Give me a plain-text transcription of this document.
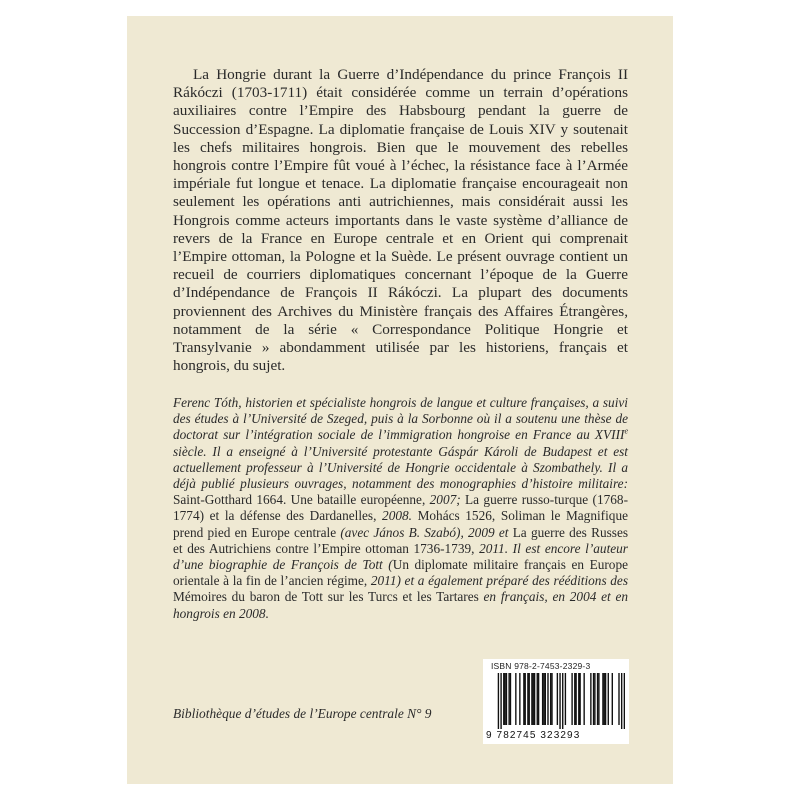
La Hongrie durant la Guerre d’Indépendance du prince François II Rákóczi (1703-1711) était considérée comme un terrain d’opérations auxiliaires contre l’Empire des Habsbourg pendant la guerre de Succession d’Espagne. La diplomatie française de Louis XIV y soutenait les chefs militaires hongrois. Bien que le mouvement des rebelles hongrois contre l’Empire fût voué à l’échec, la résistance face à l’Armée impériale fut longue et tenace. La diplomatie française encourageait non seulement les opérations anti autrichiennes, mais considérait aussi les Hongrois comme acteurs importants dans le vaste système d’alliance de revers de la France en Europe centrale et en Orient qui comprenait l’Empire ottoman, la Pologne et la Suède. Le présent ouvrage contient un recueil de courriers diplomatiques concernant l’époque de la Guerre d’Indépendance de François II Rákóczi. La plupart des documents proviennent des Archives du Ministère français des Affaires Étrangères, notamment de la série « Correspondance Politique Hongrie et Transylvanie » abondamment utilisée par les historiens, français et hongrois, du sujet.

Ferenc Tóth, historien et spécialiste hongrois de langue et culture françaises, a suivi des études à l’Université de Szeged, puis à la Sorbonne où il a soutenu une thèse de doctorat sur l’intégration sociale de l’immigration hongroise en France au XVIIIe siècle. Il a enseigné à l’Université protestante Gáspár Károli de Budapest et est actuellement professeur à l’Université de Hongrie occidentale à Szombathely. Il a déjà publié plusieurs ouvrages, notamment des monographies d’histoire militaire: Saint-Gotthard 1664. Une bataille européenne, 2007; La guerre russo-turque (1768-1774) et la défense des Dardanelles, 2008. Mohács 1526, Soliman le Magnifique prend pied en Europe centrale (avec János B. Szabó), 2009 et La guerre des Russes et des Autrichiens contre l’Empire ottoman 1736-1739, 2011. Il est encore l’auteur d’une biographie de François de Tott (Un diplomate militaire français en Europe orientale à la fin de l’ancien régime, 2011) et a également préparé des rééditions des Mémoires du baron de Tott sur les Turcs et les Tartares en français, en 2004 et en hongrois en 2008.

Bibliothèque d’études de l’Europe centrale N° 9

ISBN 978-2-7453-2329-3
9 782745 323293
